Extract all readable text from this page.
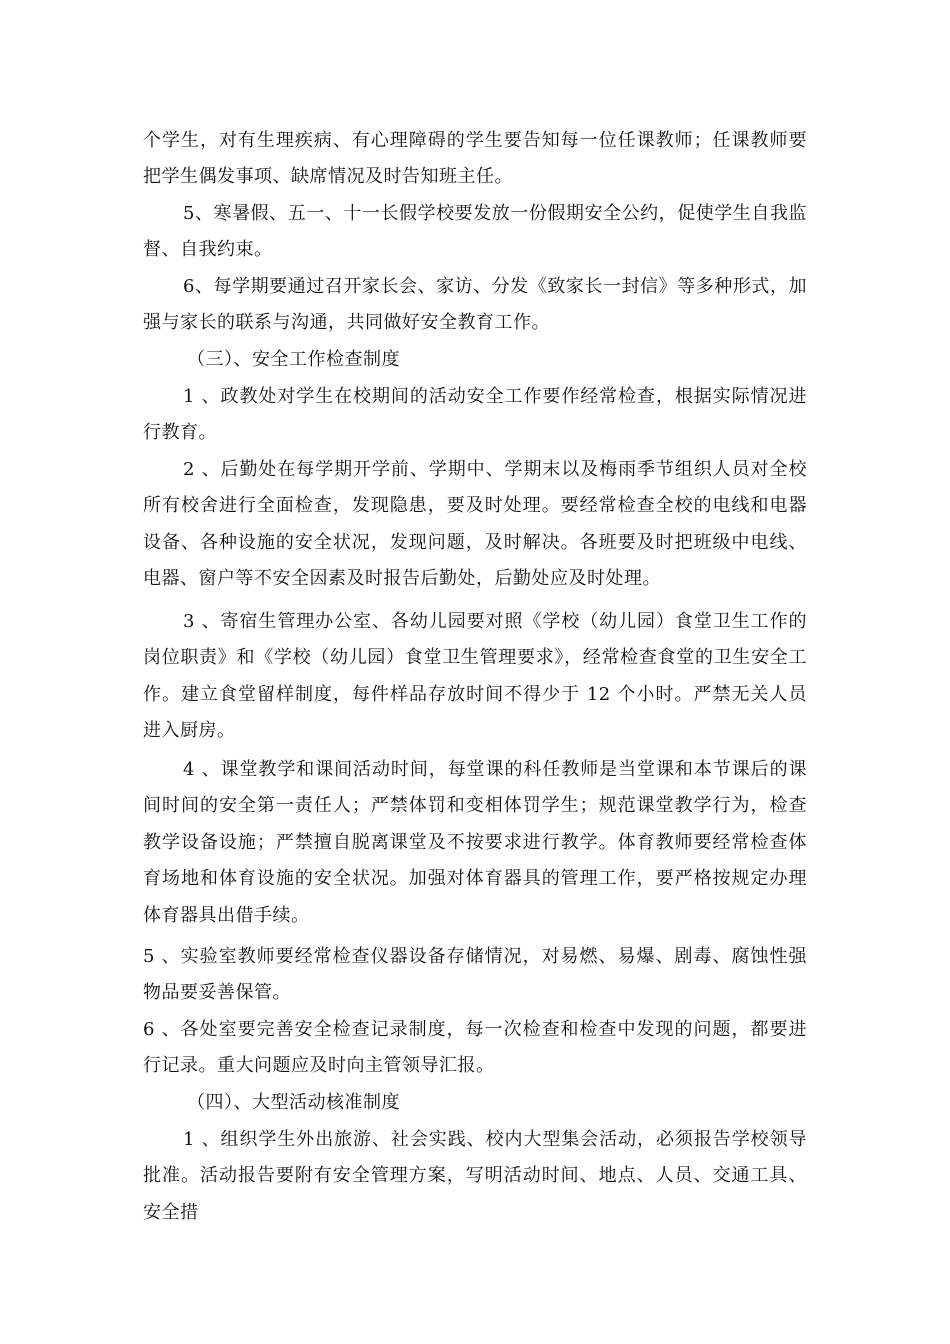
个学生，对有生理疾病、有心理障碍的学生要告知每一位任课教师；任课教师要把学生偶发事项、缺席情况及时告知班主任。

5、寒暑假、五一、十一长假学校要发放一份假期安全公约，促使学生自我监督、自我约束。

6、每学期要通过召开家长会、家访、分发《致家长一封信》等多种形式，加强与家长的联系与沟通，共同做好安全教育工作。

（三）、安全工作检查制度

1 、政教处对学生在校期间的活动安全工作要作经常检查，根据实际情况进行教育。

2 、后勤处在每学期开学前、学期中、学期末以及梅雨季节组织人员对全校所有校舍进行全面检查，发现隐患，要及时处理。要经常检查全校的电线和电器设备、各种设施的安全状况，发现问题，及时解决。各班要及时把班级中电线、电器、窗户等不安全因素及时报告后勤处，后勤处应及时处理。

3 、寄宿生管理办公室、各幼儿园要对照《学校（幼儿园）食堂卫生工作的岗位职责》和《学校（幼儿园）食堂卫生管理要求》，经常检查食堂的卫生安全工作。建立食堂留样制度，每件样品存放时间不得少于 12 个小时。严禁无关人员进入厨房。

4 、课堂教学和课间活动时间，每堂课的科任教师是当堂课和本节课后的课间时间的安全第一责任人；严禁体罚和变相体罚学生；规范课堂教学行为，检查教学设备设施；严禁擅自脱离课堂及不按要求进行教学。体育教师要经常检查体育场地和体育设施的安全状况。加强对体育器具的管理工作，要严格按规定办理体育器具出借手续。

5 、实验室教师要经常检查仪器设备存储情况，对易燃、易爆、剧毒、腐蚀性强物品要妥善保管。

6 、各处室要完善安全检查记录制度，每一次检查和检查中发现的问题，都要进行记录。重大问题应及时向主管领导汇报。

（四）、大型活动核准制度

1 、组织学生外出旅游、社会实践、校内大型集会活动，必须报告学校领导批准。活动报告要附有安全管理方案，写明活动时间、地点、人员、交通工具、安全措
